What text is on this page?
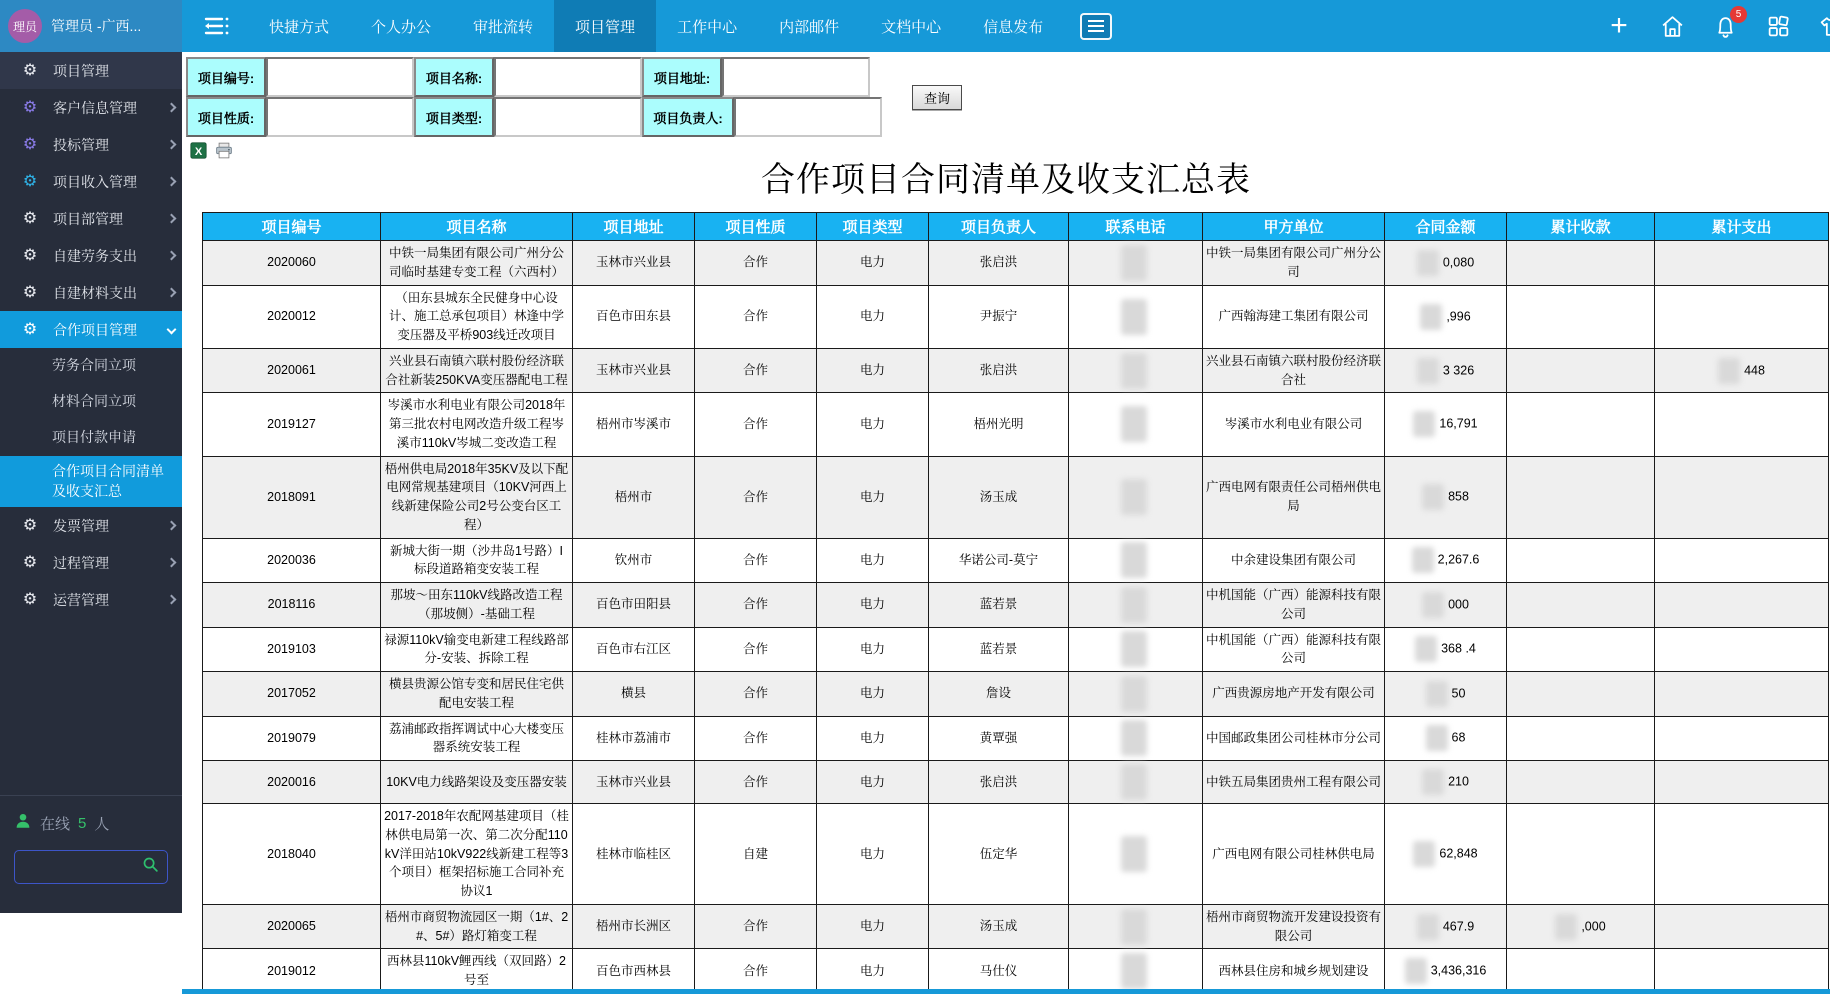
理员	管理员 -广西...	快捷方式	个人办公	审批流转	项目管理	工作中心	内部邮件	文档中心	信息发布	+	5
⚙ 项目管理
⚙ 客户信息管理
⚙ 投标管理
⚙ 项目收入管理
⚙ 项目部管理
⚙ 自建劳务支出
⚙ 自建材料支出
⚙ 合作项目管理
劳务合同立项
材料合同立项
项目付款申请
合作项目合同清单及收支汇总
⚙ 发票管理
⚙ 过程管理
⚙ 运营管理
在线 5 人
项目编号:	项目名称:	项目地址:
项目性质:	项目类型:	项目负责人:
查询
X
合作项目合同清单及收支汇总表
项目编号	项目名称	项目地址	项目性质	项目类型	项目负责人	联系电话	甲方单位	合同金额	累计收款	累计支出
2020060	中铁一局集团有限公司广州分公司临时基建专变工程（六西村）	玉林市兴业县	合作	电力	张启洪		中铁一局集团有限公司广州分公司	0,080		
2020012	（田东县城东全民健身中心设计、施工总承包项目）林逢中学变压器及平桥903线迁改项目	百色市田东县	合作	电力	尹振宁		广西翰海建工集团有限公司	,996		
2020061	兴业县石南镇六联村股份经济联合社新装250KVA变压器配电工程	玉林市兴业县	合作	电力	张启洪		兴业县石南镇六联村股份经济联合社	3 326		448
2019127	岑溪市水利电业有限公司2018年第三批农村电网改造升级工程岑溪市110kV岑城二变改造工程	梧州市岑溪市	合作	电力	梧州光明		岑溪市水利电业有限公司	16,791		
2018091	梧州供电局2018年35KV及以下配电网常规基建项目（10KV河西上线新建保险公司2号公变台区工程）	梧州市	合作	电力	汤玉成		广西电网有限责任公司梧州供电局	858		
2020036	新城大街一期（沙井岛1号路）I标段道路箱变安装工程	钦州市	合作	电力	华诺公司-莫宁		中余建设集团有限公司	2,267.6		
2018116	那坡～田东110kV线路改造工程（那坡侧）-基础工程	百色市田阳县	合作	电力	蓝若景		中机国能（广西）能源科技有限公司	000		
2019103	禄源110kV输变电新建工程线路部分-安装、拆除工程	百色市右江区	合作	电力	蓝若景		中机国能（广西）能源科技有限公司	368 .4		
2017052	横县贵源公馆专变和居民住宅供配电安装工程	横县	合作	电力	詹设		广西贵源房地产开发有限公司	50		
2019079	荔浦邮政指挥调试中心大楼变压器系统安装工程	桂林市荔浦市	合作	电力	黄覃强		中国邮政集团公司桂林市分公司	68		
2020016	10KV电力线路架设及变压器安装	玉林市兴业县	合作	电力	张启洪		中铁五局集团贵州工程有限公司	210		
2018040	2017-2018年农配网基建项目（桂林供电局第一次、第二次分配110kV洋田站10kV922线新建工程等3个项目）框架招标施工合同补充协议1	桂林市临桂区	自建	电力	伍定华		广西电网有限公司桂林供电局	62,848		
2020065	梧州市商贸物流园区一期（1#、2#、5#）路灯箱变工程	梧州市长洲区	合作	电力	汤玉成		梧州市商贸物流开发建设投资有限公司	467.9	,000	
2019012	西林县110kV鲤西线（双回路）2号至	百色市西林县	合作	电力	马仕仪		西林县住房和城乡规划建设	3,436,316		
